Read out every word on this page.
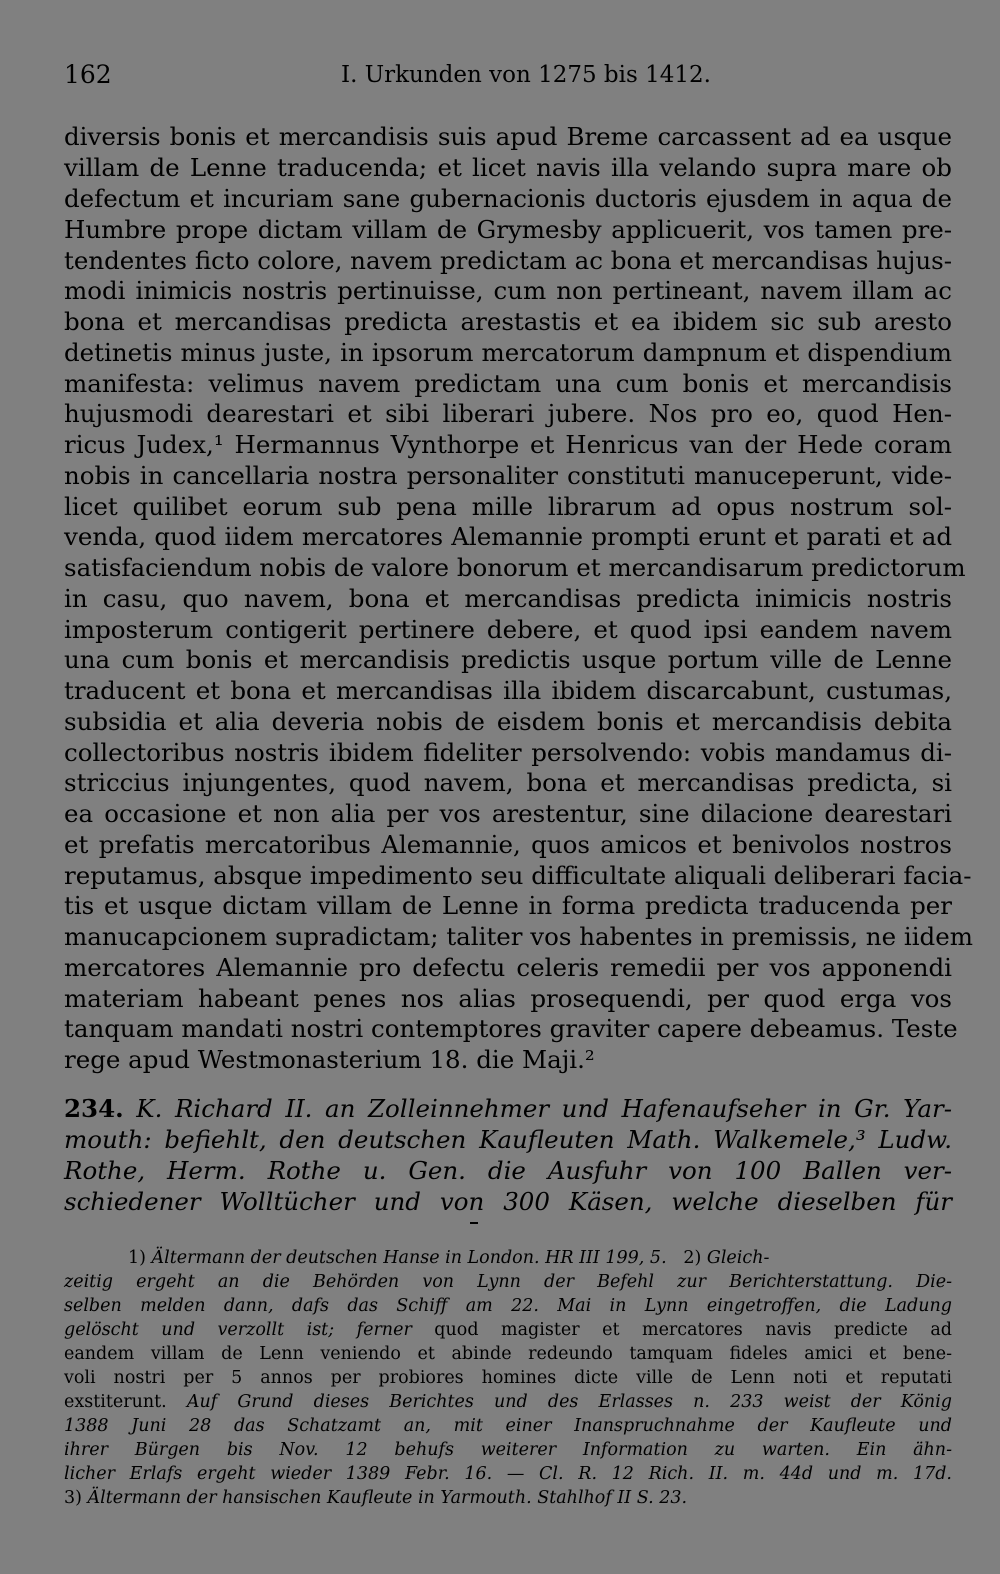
162	I. Urkunden von 1275 bis 1412.
diversis bonis et mercandisis suis apud Breme carcassent ad ea usque
villam de Lenne traducenda; et licet navis illa velando supra mare ob
defectum et incuriam sane gubernacionis ductoris ejusdem in aqua de
Humbre prope dictam villam de Grymesby applicuerit, vos tamen pre-
tendentes ficto colore, navem predictam ac bona et mercandisas hujus-
modi inimicis nostris pertinuisse, cum non pertineant, navem illam ac
bona et mercandisas predicta arestastis et ea ibidem sic sub aresto
detinetis minus juste, in ipsorum mercatorum dampnum et dispendium
manifesta: velimus navem predictam una cum bonis et mercandisis
hujusmodi dearestari et sibi liberari jubere. Nos pro eo, quod Hen-
ricus Judex,¹ Hermannus Vynthorpe et Henricus van der Hede coram
nobis in cancellaria nostra personaliter constituti manuceperunt, vide-
licet quilibet eorum sub pena mille librarum ad opus nostrum sol-
venda, quod iidem mercatores Alemannie prompti erunt et parati et ad
satisfaciendum nobis de valore bonorum et mercandisarum predictorum
in casu, quo navem, bona et mercandisas predicta inimicis nostris
imposterum contigerit pertinere debere, et quod ipsi eandem navem
una cum bonis et mercandisis predictis usque portum ville de Lenne
traducent et bona et mercandisas illa ibidem discarcabunt, custumas,
subsidia et alia deveria nobis de eisdem bonis et mercandisis debita
collectoribus nostris ibidem fideliter persolvendo: vobis mandamus di-
striccius injungentes, quod navem, bona et mercandisas predicta, si
ea occasione et non alia per vos arestentur, sine dilacione dearestari
et prefatis mercatoribus Alemannie, quos amicos et benivolos nostros
reputamus, absque impedimento seu difficultate aliquali deliberari facia-
tis et usque dictam villam de Lenne in forma predicta traducenda per
manucapcionem supradictam; taliter vos habentes in premissis, ne iidem
mercatores Alemannie pro defectu celeris remedii per vos apponendi
materiam habeant penes nos alias prosequendi, per quod erga vos
tanquam mandati nostri contemptores graviter capere debeamus. Teste
rege apud Westmonasterium 18. die Maji.²
234. K. Richard II. an Zolleinnehmer und Hafenaufseher in Gr. Yar-
mouth: befiehlt, den deutschen Kaufleuten Math. Walkemele,³ Ludw.
Rothe, Herm. Rothe u. Gen. die Ausfuhr von 100 Ballen ver-
schiedener Wolltücher und von 300 Käsen, welche dieselben für
1) Ältermann der deutschen Hanse in London. HR III 199, 5.   2) Gleich-
zeitig ergeht an die Behörden von Lynn der Befehl zur Berichterstattung. Die-
selben melden dann, dafs das Schiff am 22. Mai in Lynn eingetroffen, die Ladung
gelöscht und verzollt ist; ferner quod magister et mercatores navis predicte ad
eandem villam de Lenn veniendo et abinde redeundo tamquam fideles amici et bene-
voli nostri per 5 annos per probiores homines dicte ville de Lenn noti et reputati
exstiterunt. Auf Grund dieses Berichtes und des Erlasses n. 233 weist der König
1388 Juni 28 das Schatzamt an, mit einer Inanspruchnahme der Kaufleute und
ihrer Bürgen bis Nov. 12 behufs weiterer Information zu warten. Ein ähn-
licher Erlafs ergeht wieder 1389 Febr. 16. — Cl. R. 12 Rich. II. m. 44d und m. 17d.
3) Ältermann der hansischen Kaufleute in Yarmouth. Stahlhof II S. 23.
